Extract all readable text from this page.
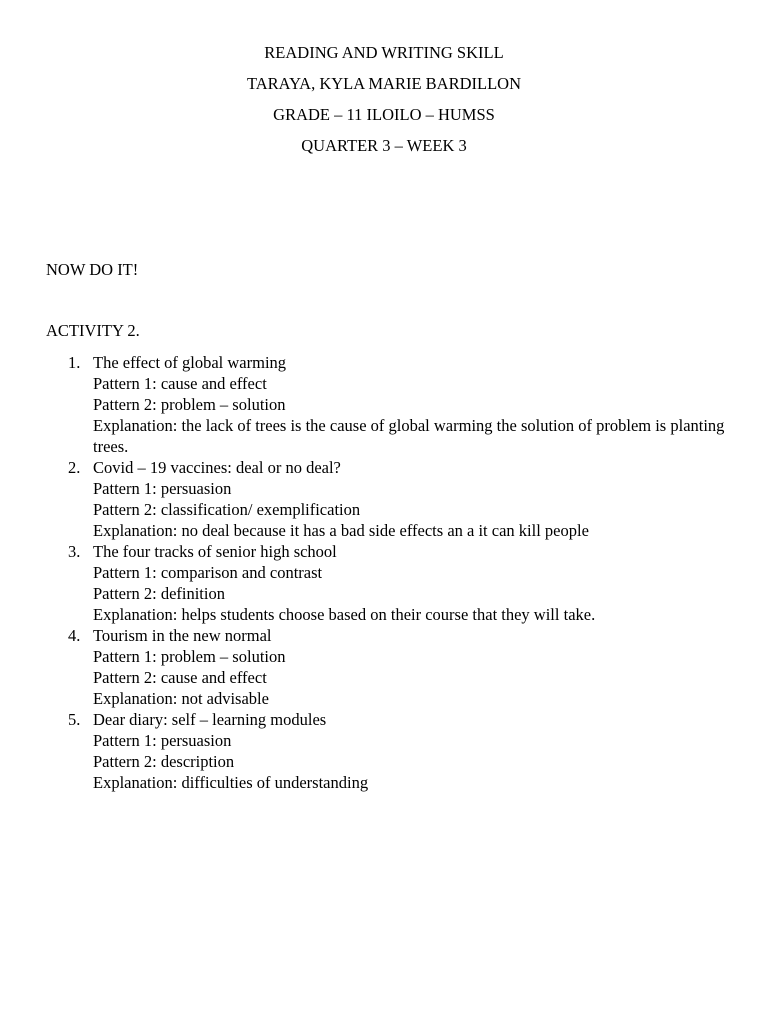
READING AND WRITING SKILL
TARAYA, KYLA MARIE BARDILLON
GRADE – 11 ILOILO – HUMSS
QUARTER 3 – WEEK 3
NOW DO IT!
ACTIVITY 2.
1. The effect of global warming
Pattern 1: cause and effect
Pattern 2: problem – solution
Explanation: the lack of trees is the cause of global warming the solution of problem is planting trees.
2. Covid – 19 vaccines: deal or no deal?
Pattern 1: persuasion
Pattern 2: classification/ exemplification
Explanation: no deal because it has a bad side effects an a it can kill people
3. The four tracks of senior high school
Pattern 1: comparison and contrast
Pattern 2: definition
Explanation: helps students choose based on their course that they will take.
4. Tourism in the new normal
Pattern 1: problem – solution
Pattern 2: cause and effect
Explanation: not advisable
5. Dear diary: self – learning modules
Pattern 1: persuasion
Pattern 2: description
Explanation: difficulties of understanding
